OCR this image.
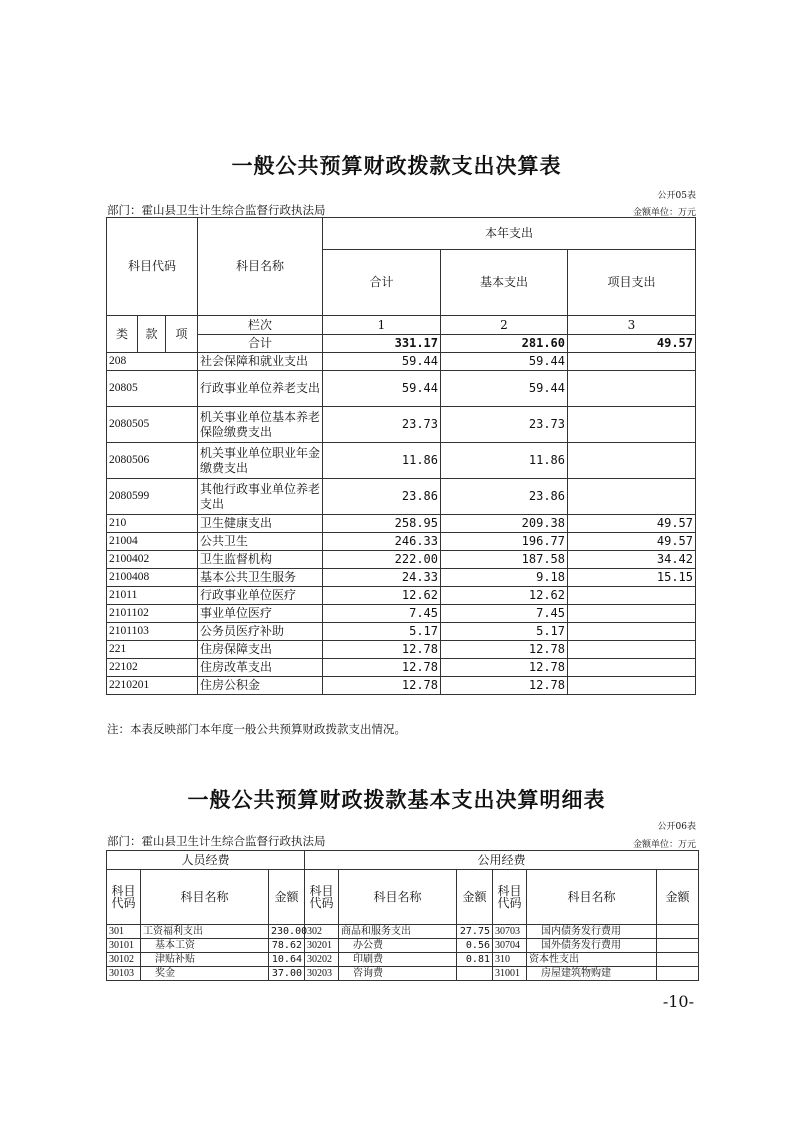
一般公共预算财政拨款支出决算表
公开05表
部门：霍山县卫生计生综合监督行政执法局	金额单位：万元
科目代码			科目名称	本年支出		
				合计	基本支出	项目支出
类	款	项	栏次	1	2	3
			合计	331.17	281.60	49.57
208			社会保障和就业支出	59.44	59.44	
20805			行政事业单位养老支出	59.44	59.44	
2080505			机关事业单位基本养老保险缴费支出	23.73	23.73	
2080506			机关事业单位职业年金缴费支出	11.86	11.86	
2080599			其他行政事业单位养老支出	23.86	23.86	
210			卫生健康支出	258.95	209.38	49.57
21004			公共卫生	246.33	196.77	49.57
2100402			卫生监督机构	222.00	187.58	34.42
2100408			基本公共卫生服务	24.33	9.18	15.15
21011			行政事业单位医疗	12.62	12.62	
2101102			事业单位医疗	7.45	7.45	
2101103			公务员医疗补助	5.17	5.17	
221			住房保障支出	12.78	12.78	
22102			住房改革支出	12.78	12.78	
2210201			住房公积金	12.78	12.78	
注：本表反映部门本年度一般公共预算财政拨款支出情况。
一般公共预算财政拨款基本支出决算明细表
公开06表
部门：霍山县卫生计生综合监督行政执法局	金额单位：万元
人员经费			公用经费					
科目代码	科目名称	金额	科目代码	科目名称	金额	科目代码	科目名称	金额
301	工资福利支出	230.00	302	商品和服务支出	27.75	30703	国内债务发行费用	
30101	基本工资	78.62	30201	办公费	0.56	30704	国外债务发行费用	
30102	津贴补贴	10.64	30202	印刷费	0.81	310	资本性支出	
30103	奖金	37.00	30203	咨询费		31001	房屋建筑物购建	
-10-
